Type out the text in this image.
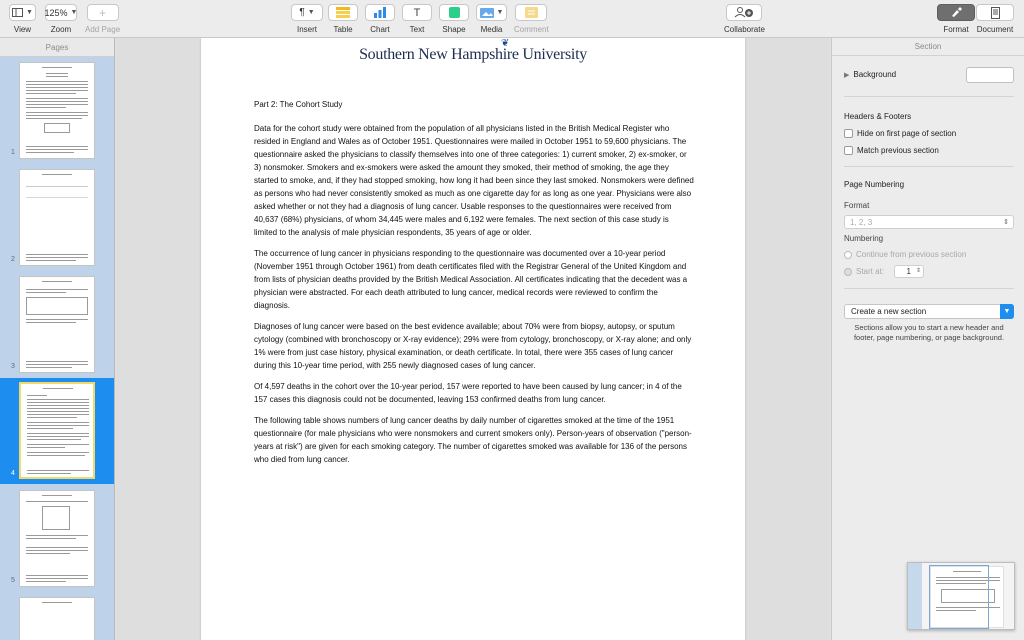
▼
View
125% ▼
Zoom
+
Add Page
¶ ▼
Insert Table Chart
T
Text Shape
▼
Media Comment	Collaborate	Format Document
Pages
1
2
3
4
5
❦
Southern New Hampshire University
Part 2: The Cohort Study

Data for the cohort study were obtained from the population of all physicians listed in the British Medical Register who resided in England and Wales as of October 1951. Questionnaires were mailed in October 1951 to 59,600 physicians. The questionnaire asked the physicians to classify themselves into one of three categories: 1) current smoker, 2) ex-smoker, or 3) nonsmoker. Smokers and ex-smokers were asked the amount they smoked, their method of smoking, the age they started to smoke, and, if they had stopped smoking, how long it had been since they last smoked. Nonsmokers were defined as persons who had never consistently smoked as much as one cigarette day for as long as one year. Physicians were also asked whether or not they had a diagnosis of lung cancer. Usable responses to the questionnaires were received from 40,637 (68%) physicians, of whom 34,445 were males and 6,192 were females. The next section of this case study is limited to the analysis of male physician respondents, 35 years of age or older.

The occurrence of lung cancer in physicians responding to the questionnaire was documented over a 10-year period (November 1951 through October 1961) from death certificates filed with the Registrar General of the United Kingdom and from lists of physician deaths provided by the British Medical Association. All certificates indicating that the decedent was a physician were abstracted. For each death attributed to lung cancer, medical records were reviewed to confirm the diagnosis.

Diagnoses of lung cancer were based on the best evidence available; about 70% were from biopsy, autopsy, or sputum cytology (combined with bronchoscopy or X-ray evidence); 29% were from cytology, bronchoscopy, or X-ray alone; and only 1% were from just case history, physical examination, or death certificate. In total, there were 355 cases of lung cancer during this 10-year time period, with 255 newly diagnosed cases of lung cancer.

Of 4,597 deaths in the cohort over the 10-year period, 157 were reported to have been caused by lung cancer; in 4 of the 157 cases this diagnosis could not be documented, leaving 153 confirmed deaths from lung cancer.

The following table shows numbers of lung cancer deaths by daily number of cigarettes smoked at the time of the 1951 questionnaire (for male physicians who were nonsmokers and current smokers only). Person-years of observation ("person-years at risk") are given for each smoking category. The number of cigarettes smoked was available for 136 of the persons who died from lung cancer.

Section
▶ Background
Headers & Footers
Hide on first page of section
Match previous section
Page Numbering
Format
1, 2, 3	⇕
Numbering
Continue from previous section
Start at:	1 ⇕
Create a new section	▼
Sections allow you to start a new header and footer, page numbering, or page background.
